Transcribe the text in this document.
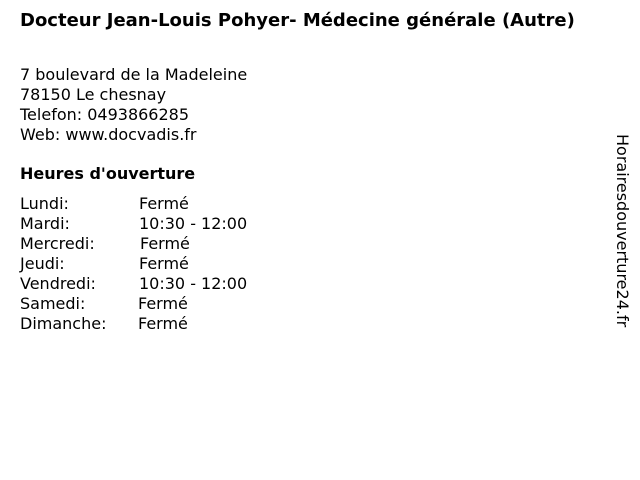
Docteur Jean-Louis Pohyer- Médecine générale (Autre)
7 boulevard de la Madeleine
78150 Le chesnay
Telefon: 0493866285
Web: www.docvadis.fr
Heures d'ouverture
Lundi:	Fermé
Mardi:	10:30 - 12:00
Mercredi:	Fermé
Jeudi:	Fermé
Vendredi:	10:30 - 12:00
Samedi:	Fermé
Dimanche: Fermé	Horairesdouverture24.fr
